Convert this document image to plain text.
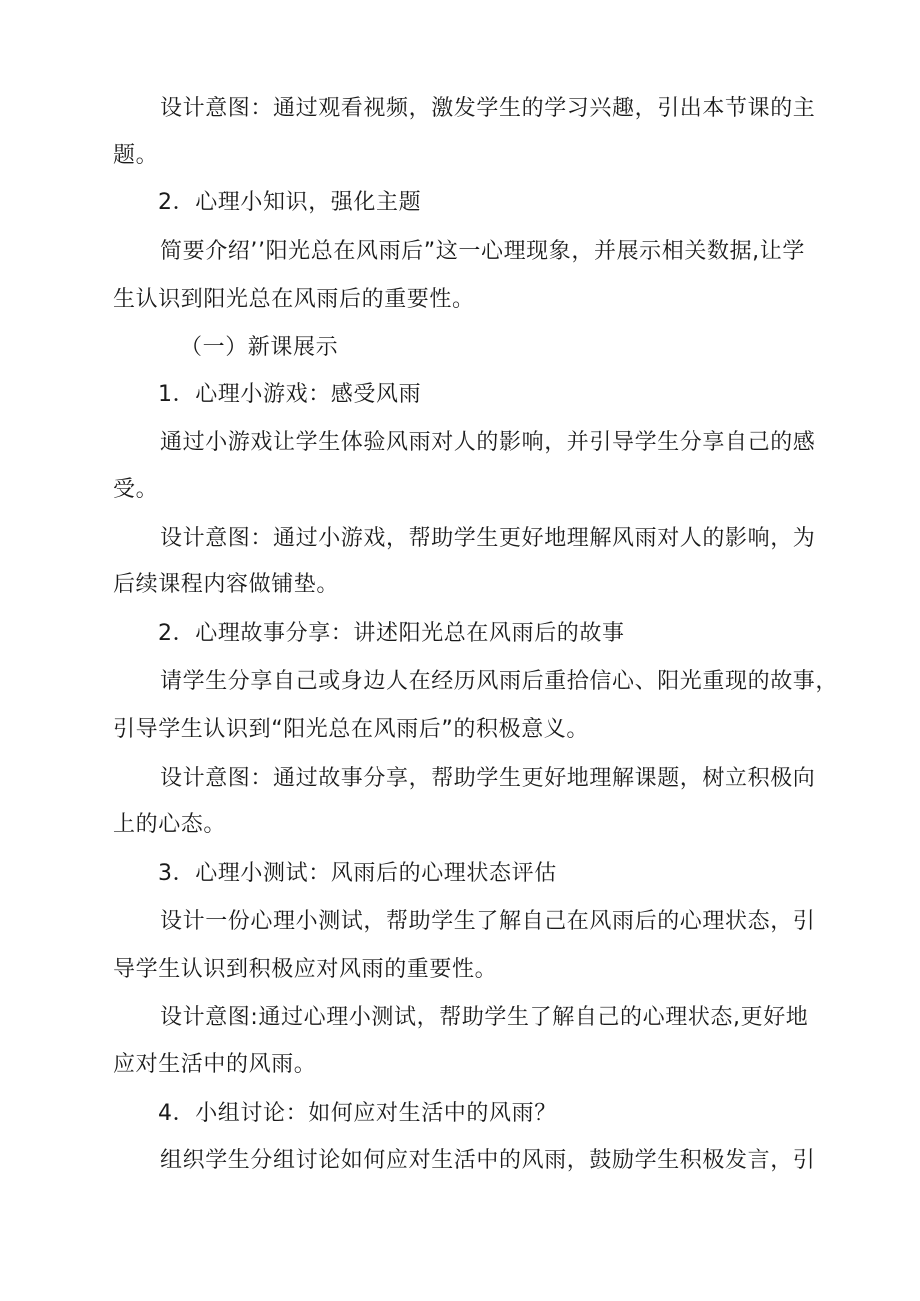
设计意图：通过观看视频，激发学生的学习兴趣，引出本节课的主
题。
2．心理小知识，强化主题
简要介绍’’阳光总在风雨后”这一心理现象，并展示相关数据,让学
生认识到阳光总在风雨后的重要性。
（一）新课展示
1．心理小游戏：感受风雨
通过小游戏让学生体验风雨对人的影响，并引导学生分享自己的感
受。
设计意图：通过小游戏，帮助学生更好地理解风雨对人的影响，为
后续课程内容做铺垫。
2．心理故事分享：讲述阳光总在风雨后的故事
请学生分享自己或身边人在经历风雨后重拾信心、阳光重现的故事，
引导学生认识到“阳光总在风雨后”的积极意义。
设计意图：通过故事分享，帮助学生更好地理解课题，树立积极向
上的心态。
3．心理小测试：风雨后的心理状态评估
设计一份心理小测试，帮助学生了解自己在风雨后的心理状态，引
导学生认识到积极应对风雨的重要性。
设计意图:通过心理小测试，帮助学生了解自己的心理状态,更好地
应对生活中的风雨。
4．小组讨论：如何应对生活中的风雨？
组织学生分组讨论如何应对生活中的风雨，鼓励学生积极发言，引
